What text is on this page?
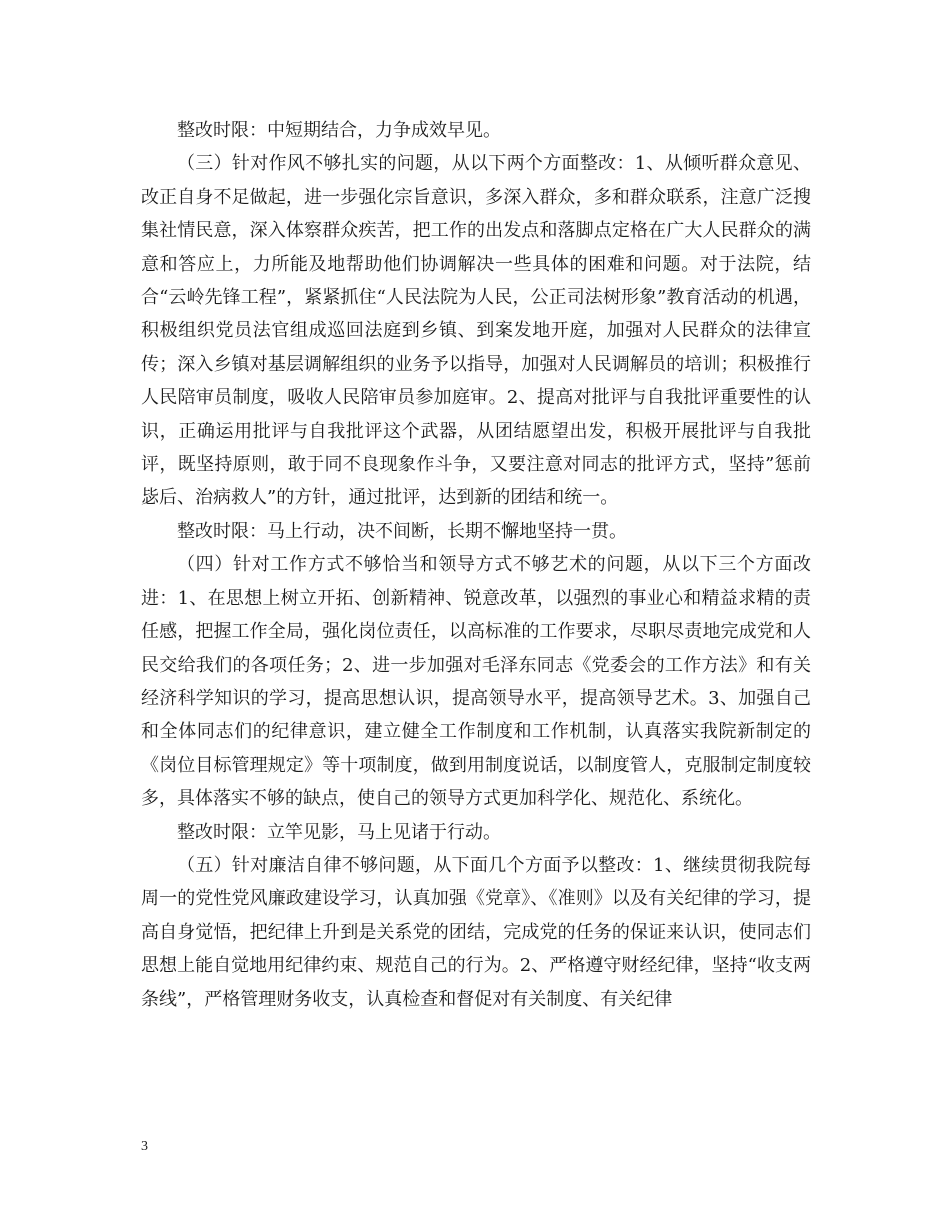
整改时限：中短期结合，力争成效早见。

（三）针对作风不够扎实的问题，从以下两个方面整改：1、从倾听群众意见、改正自身不足做起，进一步强化宗旨意识，多深入群众，多和群众联系，注意广泛搜集社情民意，深入体察群众疾苦，把工作的出发点和落脚点定格在广大人民群众的满意和答应上，力所能及地帮助他们协调解决一些具体的困难和问题。对于法院，结合“云岭先锋工程”，紧紧抓住“人民法院为人民，公正司法树形象”教育活动的机遇，积极组织党员法官组成巡回法庭到乡镇、到案发地开庭，加强对人民群众的法律宣传；深入乡镇对基层调解组织的业务予以指导，加强对人民调解员的培训；积极推行人民陪审员制度，吸收人民陪审员参加庭审。2、提高对批评与自我批评重要性的认识，正确运用批评与自我批评这个武器，从团结愿望出发，积极开展批评与自我批评，既坚持原则，敢于同不良现象作斗争，又要注意对同志的批评方式，坚持”惩前毖后、治病救人”的方针，通过批评，达到新的团结和统一。

整改时限：马上行动，决不间断，长期不懈地坚持一贯。

（四）针对工作方式不够恰当和领导方式不够艺术的问题，从以下三个方面改进：1、在思想上树立开拓、创新精神、锐意改革，以强烈的事业心和精益求精的责任感，把握工作全局，强化岗位责任，以高标准的工作要求，尽职尽责地完成党和人民交给我们的各项任务；2、进一步加强对毛泽东同志《党委会的工作方法》和有关经济科学知识的学习，提高思想认识，提高领导水平，提高领导艺术。3、加强自己和全体同志们的纪律意识，建立健全工作制度和工作机制，认真落实我院新制定的《岗位目标管理规定》等十项制度，做到用制度说话，以制度管人，克服制定制度较多，具体落实不够的缺点，使自己的领导方式更加科学化、规范化、系统化。

整改时限：立竿见影，马上见诸于行动。

（五）针对廉洁自律不够问题，从下面几个方面予以整改：1、继续贯彻我院每周一的党性党风廉政建设学习，认真加强《党章》、《准则》以及有关纪律的学习，提高自身觉悟，把纪律上升到是关系党的团结，完成党的任务的保证来认识，使同志们思想上能自觉地用纪律约束、规范自己的行为。2、严格遵守财经纪律，坚持“收支两条线”，严格管理财务收支，认真检查和督促对有关制度、有关纪律

3
